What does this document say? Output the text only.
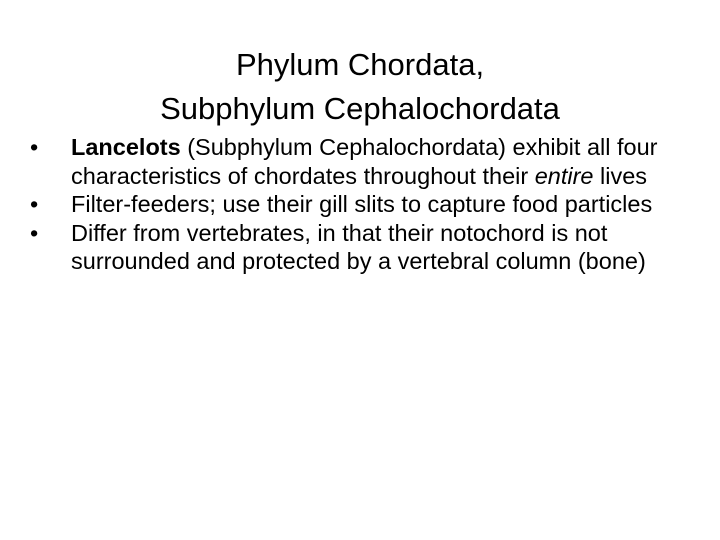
Phylum Chordata,
Subphylum Cephalochordata
•	Lancelots (Subphylum Cephalochordata) exhibit all four characteristics of chordates throughout their entire lives
•	Filter-feeders; use their gill slits to capture food particles
•	Differ from vertebrates, in that their notochord is not surrounded and protected by a vertebral column (bone)
